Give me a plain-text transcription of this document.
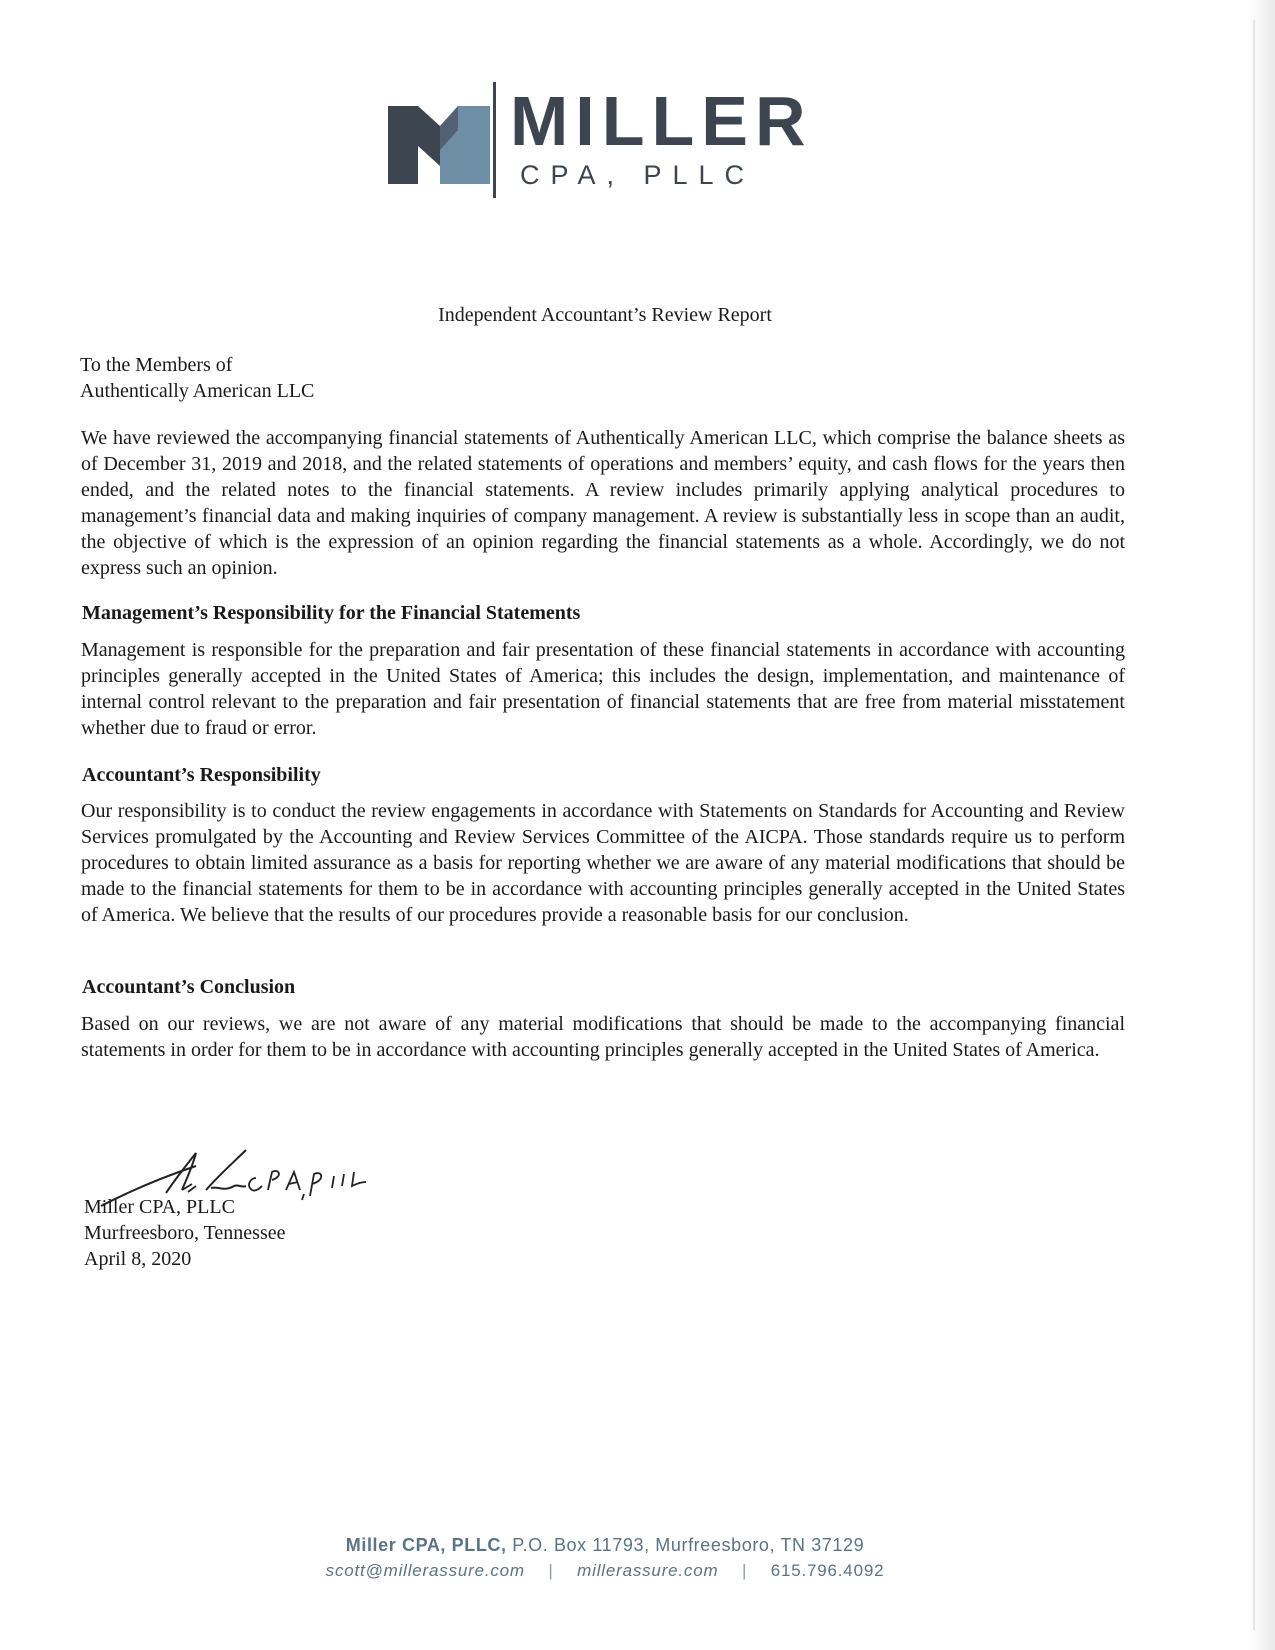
MILLER
CPA, PLLC
Independent Accountant’s Review Report
To the Members of
Authentically American LLC
We have reviewed the accompanying financial statements of Authentically American LLC, which comprise the balance sheets as of December 31, 2019 and 2018, and the related statements of operations and members’ equity, and cash flows for the years then ended, and the related notes to the financial statements. A review includes primarily applying analytical procedures to management’s financial data and making inquiries of company management. A review is substantially less in scope than an audit, the objective of which is the expression of an opinion regarding the financial statements as a whole. Accordingly, we do not express such an opinion.
Management’s Responsibility for the Financial Statements
Management is responsible for the preparation and fair presentation of these financial statements in accordance with accounting principles generally accepted in the United States of America; this includes the design, implementation, and maintenance of internal control relevant to the preparation and fair presentation of financial statements that are free from material misstatement whether due to fraud or error.
Accountant’s Responsibility
Our responsibility is to conduct the review engagements in accordance with Statements on Standards for Accounting and Review Services promulgated by the Accounting and Review Services Committee of the AICPA. Those standards require us to perform procedures to obtain limited assurance as a basis for reporting whether we are aware of any material modifications that should be made to the financial statements for them to be in accordance with accounting principles generally accepted in the United States of America. We believe that the results of our procedures provide a reasonable basis for our conclusion.
Accountant’s Conclusion
Based on our reviews, we are not aware of any material modifications that should be made to the accompanying financial statements in order for them to be in accordance with accounting principles generally accepted in the United States of America.
Miller CPA, PLLC
Murfreesboro, Tennessee
April 8, 2020
Miller CPA, PLLC, P.O. Box 11793, Murfreesboro, TN 37129
scott@millerassure.com | millerassure.com | 615.796.4092
